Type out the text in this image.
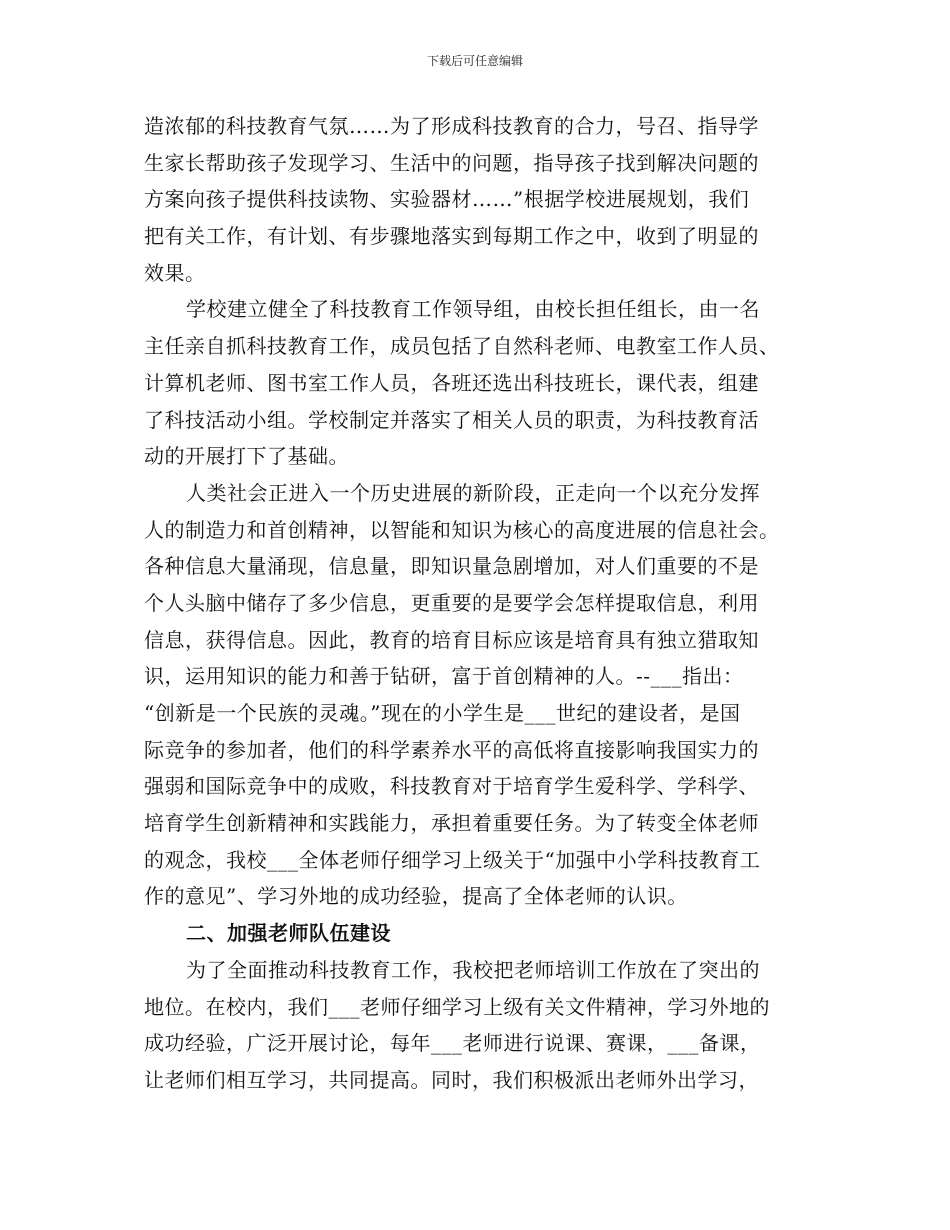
下载后可任意编辑
造浓郁的科技教育气氛……为了形成科技教育的合力，号召、指导学
生家长帮助孩子发现学习、生活中的问题，指导孩子找到解决问题的
方案向孩子提供科技读物、实验器材……”根据学校进展规划，我们
把有关工作，有计划、有步骤地落实到每期工作之中，收到了明显的
效果。
学校建立健全了科技教育工作领导组，由校长担任组长，由一名
主任亲自抓科技教育工作，成员包括了自然科老师、电教室工作人员、
计算机老师、图书室工作人员，各班还选出科技班长，课代表，组建
了科技活动小组。学校制定并落实了相关人员的职责，为科技教育活
动的开展打下了基础。
人类社会正进入一个历史进展的新阶段，正走向一个以充分发挥
人的制造力和首创精神，以智能和知识为核心的高度进展的信息社会。
各种信息大量涌现，信息量，即知识量急剧增加，对人们重要的不是
个人头脑中储存了多少信息，更重要的是要学会怎样提取信息，利用
信息，获得信息。因此，教育的培育目标应该是培育具有独立猎取知
识，运用知识的能力和善于钻研，富于首创精神的人。--___指出：
“创新是一个民族的灵魂。”现在的小学生是___世纪的建设者，是国
际竞争的参加者，他们的科学素养水平的高低将直接影响我国实力的
强弱和国际竞争中的成败，科技教育对于培育学生爱科学、学科学、
培育学生创新精神和实践能力，承担着重要任务。为了转变全体老师
的观念，我校___全体老师仔细学习上级关于“加强中小学科技教育工
作的意见”、学习外地的成功经验，提高了全体老师的认识。
二、加强老师队伍建设
为了全面推动科技教育工作，我校把老师培训工作放在了突出的
地位。在校内，我们___老师仔细学习上级有关文件精神，学习外地的
成功经验，广泛开展讨论，每年___老师进行说课、赛课，___备课，
让老师们相互学习，共同提高。同时，我们积极派出老师外出学习，
